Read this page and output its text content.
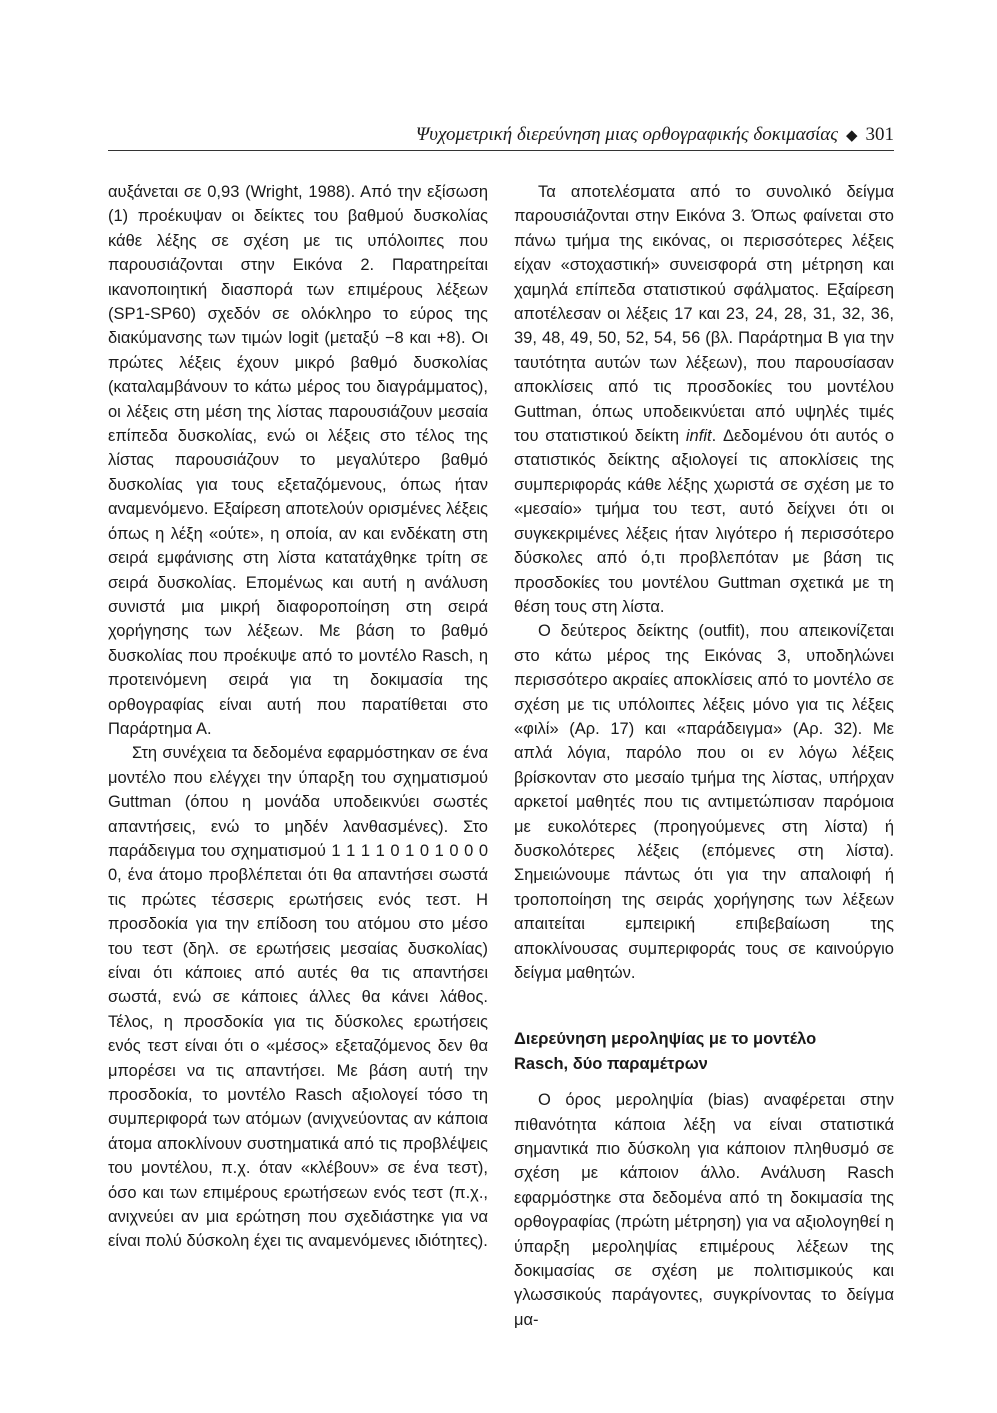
Ψυχομετρική διερεύνηση μιας ορθογραφικής δοκιμασίας ◆ 301

αυξάνεται σε 0,93 (Wright, 1988). Από την εξίσωση (1) προέκυψαν οι δείκτες του βαθμού δυσκολίας κάθε λέξης σε σχέση με τις υπόλοιπες που παρουσιάζονται στην Εικόνα 2. Παρατηρείται ικανοποιητική διασπορά των επιμέρους λέξεων (SP1-SP60) σχεδόν σε ολόκληρο το εύρος της διακύμανσης των τιμών logit (μεταξύ −8 και +8). Οι πρώτες λέξεις έχουν μικρό βαθμό δυσκολίας (καταλαμβάνουν το κάτω μέρος του διαγράμματος), οι λέξεις στη μέση της λίστας παρουσιάζουν μεσαία επίπεδα δυσκολίας, ενώ οι λέξεις στο τέλος της λίστας παρουσιάζουν το μεγαλύτερο βαθμό δυσκολίας για τους εξεταζόμενους, όπως ήταν αναμενόμενο. Εξαίρεση αποτελούν ορισμένες λέξεις όπως η λέξη «ούτε», η οποία, αν και ενδέκατη στη σειρά εμφάνισης στη λίστα κατατάχθηκε τρίτη σε σειρά δυσκολίας. Επομένως και αυτή η ανάλυση συνιστά μια μικρή διαφοροποίηση στη σειρά χορήγησης των λέξεων. Με βάση το βαθμό δυσκολίας που προέκυψε από το μοντέλο Rasch, η προτεινόμενη σειρά για τη δοκιμασία της ορθογραφίας είναι αυτή που παρατίθεται στο Παράρτημα Α.

Στη συνέχεια τα δεδομένα εφαρμόστηκαν σε ένα μοντέλο που ελέγχει την ύπαρξη του σχηματισμού Guttman (όπου η μονάδα υποδεικνύει σωστές απαντήσεις, ενώ το μηδέν λανθασμένες). Στο παράδειγμα του σχηματισμού 1 1 1 1 0 1 0 1 0 0 0 0, ένα άτομο προβλέπεται ότι θα απαντήσει σωστά τις πρώτες τέσσερις ερωτήσεις ενός τεστ. Η προσδοκία για την επίδοση του ατόμου στο μέσο του τεστ (δηλ. σε ερωτήσεις μεσαίας δυσκολίας) είναι ότι κάποιες από αυτές θα τις απαντήσει σωστά, ενώ σε κάποιες άλλες θα κάνει λάθος. Τέλος, η προσδοκία για τις δύσκολες ερωτήσεις ενός τεστ είναι ότι ο «μέσος» εξεταζόμενος δεν θα μπορέσει να τις απαντήσει. Με βάση αυτή την προσδοκία, το μοντέλο Rasch αξιολογεί τόσο τη συμπεριφορά των ατόμων (ανιχνεύοντας αν κάποια άτομα αποκλίνουν συστηματικά από τις προβλέψεις του μοντέλου, π.χ. όταν «κλέβουν» σε ένα τεστ), όσο και των επιμέρους ερωτήσεων ενός τεστ (π.χ., ανιχνεύει αν μια ερώτηση που σχεδιάστηκε για να είναι πολύ δύσκολη έχει τις αναμενόμενες ιδιότητες).

Τα αποτελέσματα από το συνολικό δείγμα παρουσιάζονται στην Εικόνα 3. Όπως φαίνεται στο πάνω τμήμα της εικόνας, οι περισσότερες λέξεις είχαν «στοχαστική» συνεισφορά στη μέτρηση και χαμηλά επίπεδα στατιστικού σφάλματος. Εξαίρεση αποτέλεσαν οι λέξεις 17 και 23, 24, 28, 31, 32, 36, 39, 48, 49, 50, 52, 54, 56 (βλ. Παράρτημα Β για την ταυτότητα αυτών των λέξεων), που παρουσίασαν αποκλίσεις από τις προσδοκίες του μοντέλου Guttman, όπως υποδεικνύεται από υψηλές τιμές του στατιστικού δείκτη infit. Δεδομένου ότι αυτός ο στατιστικός δείκτης αξιολογεί τις αποκλίσεις της συμπεριφοράς κάθε λέξης χωριστά σε σχέση με το «μεσαίο» τμήμα του τεστ, αυτό δείχνει ότι οι συγκεκριμένες λέξεις ήταν λιγότερο ή περισσότερο δύσκολες από ό,τι προβλεπόταν με βάση τις προσδοκίες του μοντέλου Guttman σχετικά με τη θέση τους στη λίστα.

Ο δεύτερος δείκτης (outfit), που απεικονίζεται στο κάτω μέρος της Εικόνας 3, υποδηλώνει περισσότερο ακραίες αποκλίσεις από το μοντέλο σε σχέση με τις υπόλοιπες λέξεις μόνο για τις λέξεις «φιλί» (Αρ. 17) και «παράδειγμα» (Αρ. 32). Με απλά λόγια, παρόλο που οι εν λόγω λέξεις βρίσκονταν στο μεσαίο τμήμα της λίστας, υπήρχαν αρκετοί μαθητές που τις αντιμετώπισαν παρόμοια με ευκολότερες (προηγούμενες στη λίστα) ή δυσκολότερες λέξεις (επόμενες στη λίστα). Σημειώνουμε πάντως ότι για την απαλοιφή ή τροποποίηση της σειράς χορήγησης των λέξεων απαιτείται εμπειρική επιβεβαίωση της αποκλίνουσας συμπεριφοράς τους σε καινούργιο δείγμα μαθητών.

Διερεύνηση μεροληψίας με το μοντέλο
Rasch, δύο παραμέτρων

Ο όρος μεροληψία (bias) αναφέρεται στην πιθανότητα κάποια λέξη να είναι στατιστικά σημαντικά πιο δύσκολη για κάποιον πληθυσμό σε σχέση με κάποιον άλλο. Ανάλυση Rasch εφαρμόστηκε στα δεδομένα από τη δοκιμασία της ορθογραφίας (πρώτη μέτρηση) για να αξιολογηθεί η ύπαρξη μεροληψίας επιμέρους λέξεων της δοκιμασίας σε σχέση με πολιτισμικούς και γλωσσικούς παράγοντες, συγκρίνοντας το δείγμα μα-
